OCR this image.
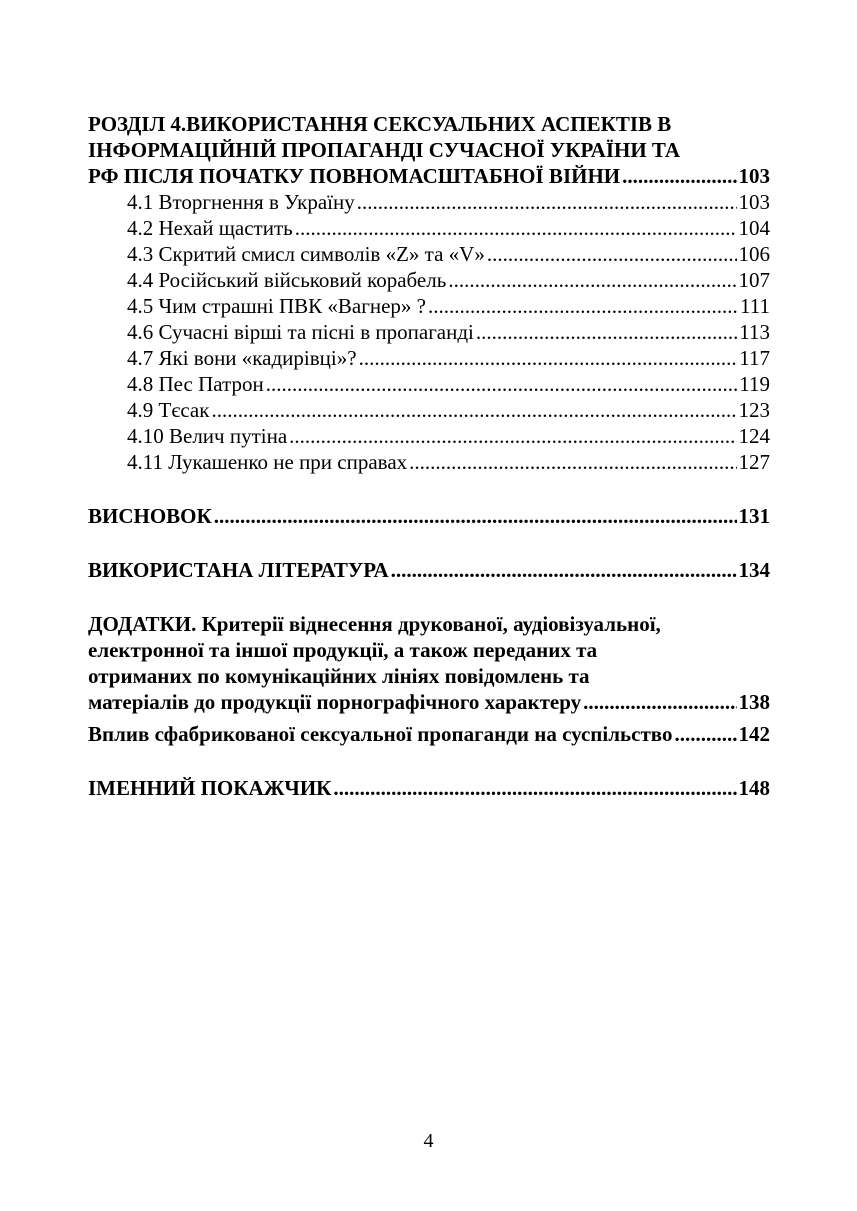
РОЗДІЛ 4.ВИКОРИСТАННЯ СЕКСУАЛЬНИХ АСПЕКТІВ В
ІНФОРМАЦІЙНІЙ ПРОПАГАНДІ СУЧАСНОЇ УКРАЇНИ ТА
РФ ПІСЛЯ ПОЧАТКУ ПОВНОМАСШТАБНОЇ ВІЙНИ .....	103
4.1 Вторгнення в Україну .....	103
4.2 Нехай щастить .....	104
4.3 Скритий смисл символів «Z» та «V» .....	106
4.4 Російський військовий корабель .....	107
4.5 Чим страшні ПВК «Вагнер» ? .....	111
4.6 Сучасні вірші та пісні в пропаганді .....	113
4.7 Які вони «кадирівці»? .....	117
4.8 Пес Патрон .....	119
4.9 Тєсак .....	123
4.10 Велич путіна .....	124
4.11 Лукашенко не при справах .....	127
ВИСНОВОК .....	131
ВИКОРИСТАНА ЛІТЕРАТУРА .....	134
ДОДАТКИ. Критерії віднесення друкованої, аудіовізуальної,
електронної та іншої продукції, а також переданих та
отриманих по комунікаційних лініях повідомлень та
матеріалів до продукції порнографічного характеру .....	138
Вплив сфабрикованої сексуальної пропаганди на суспільство .....	142
ІМЕННИЙ ПОКАЖЧИК .....	148
4
